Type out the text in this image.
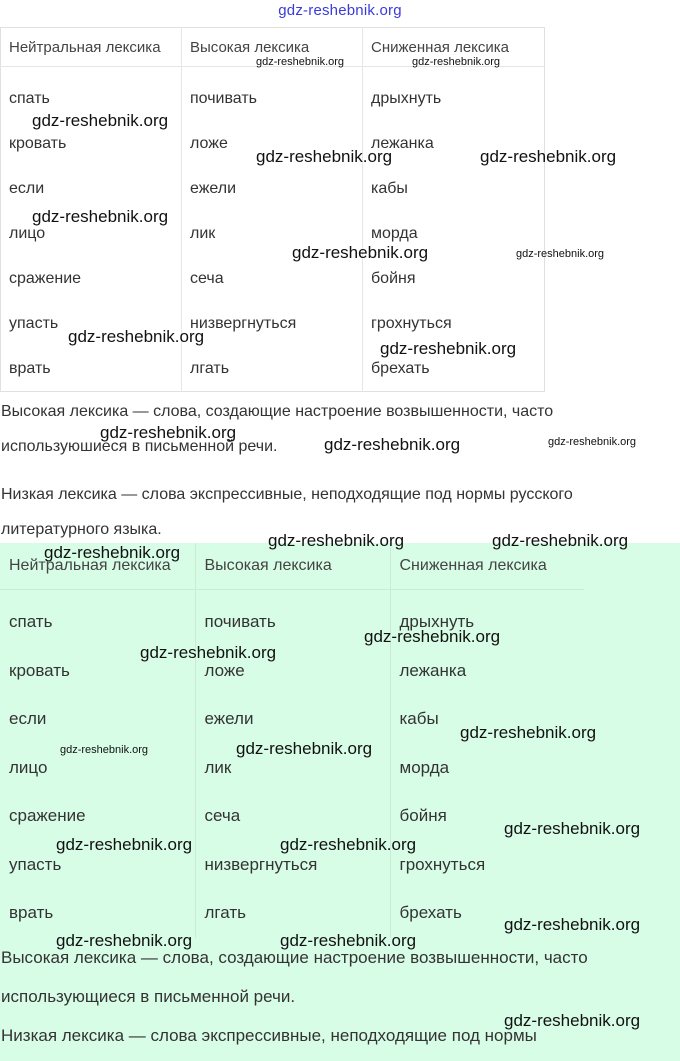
gdz-reshebnik.org
Нейтральная лексика	Высокая лексика	Сниженная лексика
спать	почивать	дрыхнуть
кровать	ложе	лежанка
если	ежели	кабы
лицо	лик	морда
сражение	сеча	бойня
упасть	низвергнуться	грохнуться
врать	лгать	брехать

Высокая лексика — слова, создающие настроение возвышенности, часто используюшиеся в письменной речи.

Низкая лексика — слова экспрессивные, неподходящие под нормы русского литературного языка.

Нейтральная лексика	Высокая лексика	Сниженная лексика
спать	почивать	дрыхнуть
кровать	ложе	лежанка
если	ежели	кабы
лицо	лик	морда
сражение	сеча	бойня
упасть	низвергнуться	грохнуться
врать	лгать	брехать

Высокая лексика — слова, создающие настроение возвышенности, часто использующиеся в письменной речи.

Низкая лексика — слова экспрессивные, неподходящие под нормы

gdz-reshebnik.org	gdz-reshebnik.org
gdz-reshebnik.org
gdz-reshebnik.org	gdz-reshebnik.org
gdz-reshebnik.org
gdz-reshebnik.org	gdz-reshebnik.org
gdz-reshebnik.org
gdz-reshebnik.org
gdz-reshebnik.org
gdz-reshebnik.org	gdz-reshebnik.org
gdz-reshebnik.org	gdz-reshebnik.org
gdz-reshebnik.org
gdz-reshebnik.org
gdz-reshebnik.org
gdz-reshebnik.org
gdz-reshebnik.org
gdz-reshebnik.org
gdz-reshebnik.org
gdz-reshebnik.org	gdz-reshebnik.org
gdz-reshebnik.org
gdz-reshebnik.org	gdz-reshebnik.org
gdz-reshebnik.org
